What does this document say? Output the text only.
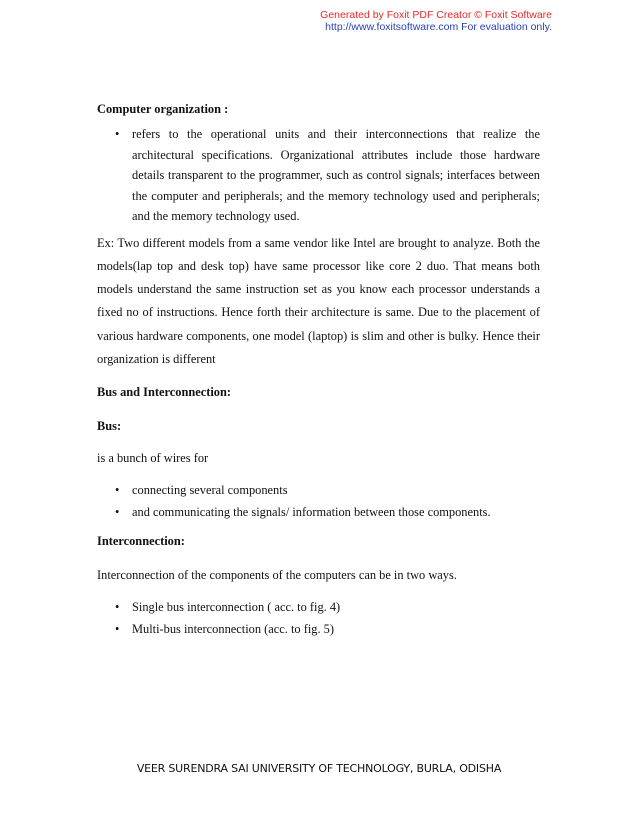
Generated by Foxit PDF Creator © Foxit Software
http://www.foxitsoftware.com For evaluation only.

Computer organization :

• refers to the operational units and their interconnections that realize the architectural specifications. Organizational attributes include those hardware details transparent to the programmer, such as control signals; interfaces between the computer and peripherals; and the memory technology used and peripherals; and the memory technology used.

Ex: Two different models from a same vendor like Intel are brought to analyze. Both the models(lap top and desk top) have same processor like core 2 duo. That means both models understand the same instruction set as you know each processor understands a fixed no of instructions. Hence forth their architecture is same. Due to the placement of various hardware components, one model (laptop) is slim and other is bulky. Hence their organization is different

Bus and Interconnection:

Bus:

is a bunch of wires for

• connecting several components
• and communicating the signals/ information between those components.

Interconnection:

Interconnection of the components of the computers can be in two ways.

• Single bus interconnection ( acc. to fig. 4)
• Multi-bus interconnection (acc. to fig. 5)
VEER SURENDRA SAI UNIVERSITY OF TECHNOLOGY, BURLA, ODISHA
